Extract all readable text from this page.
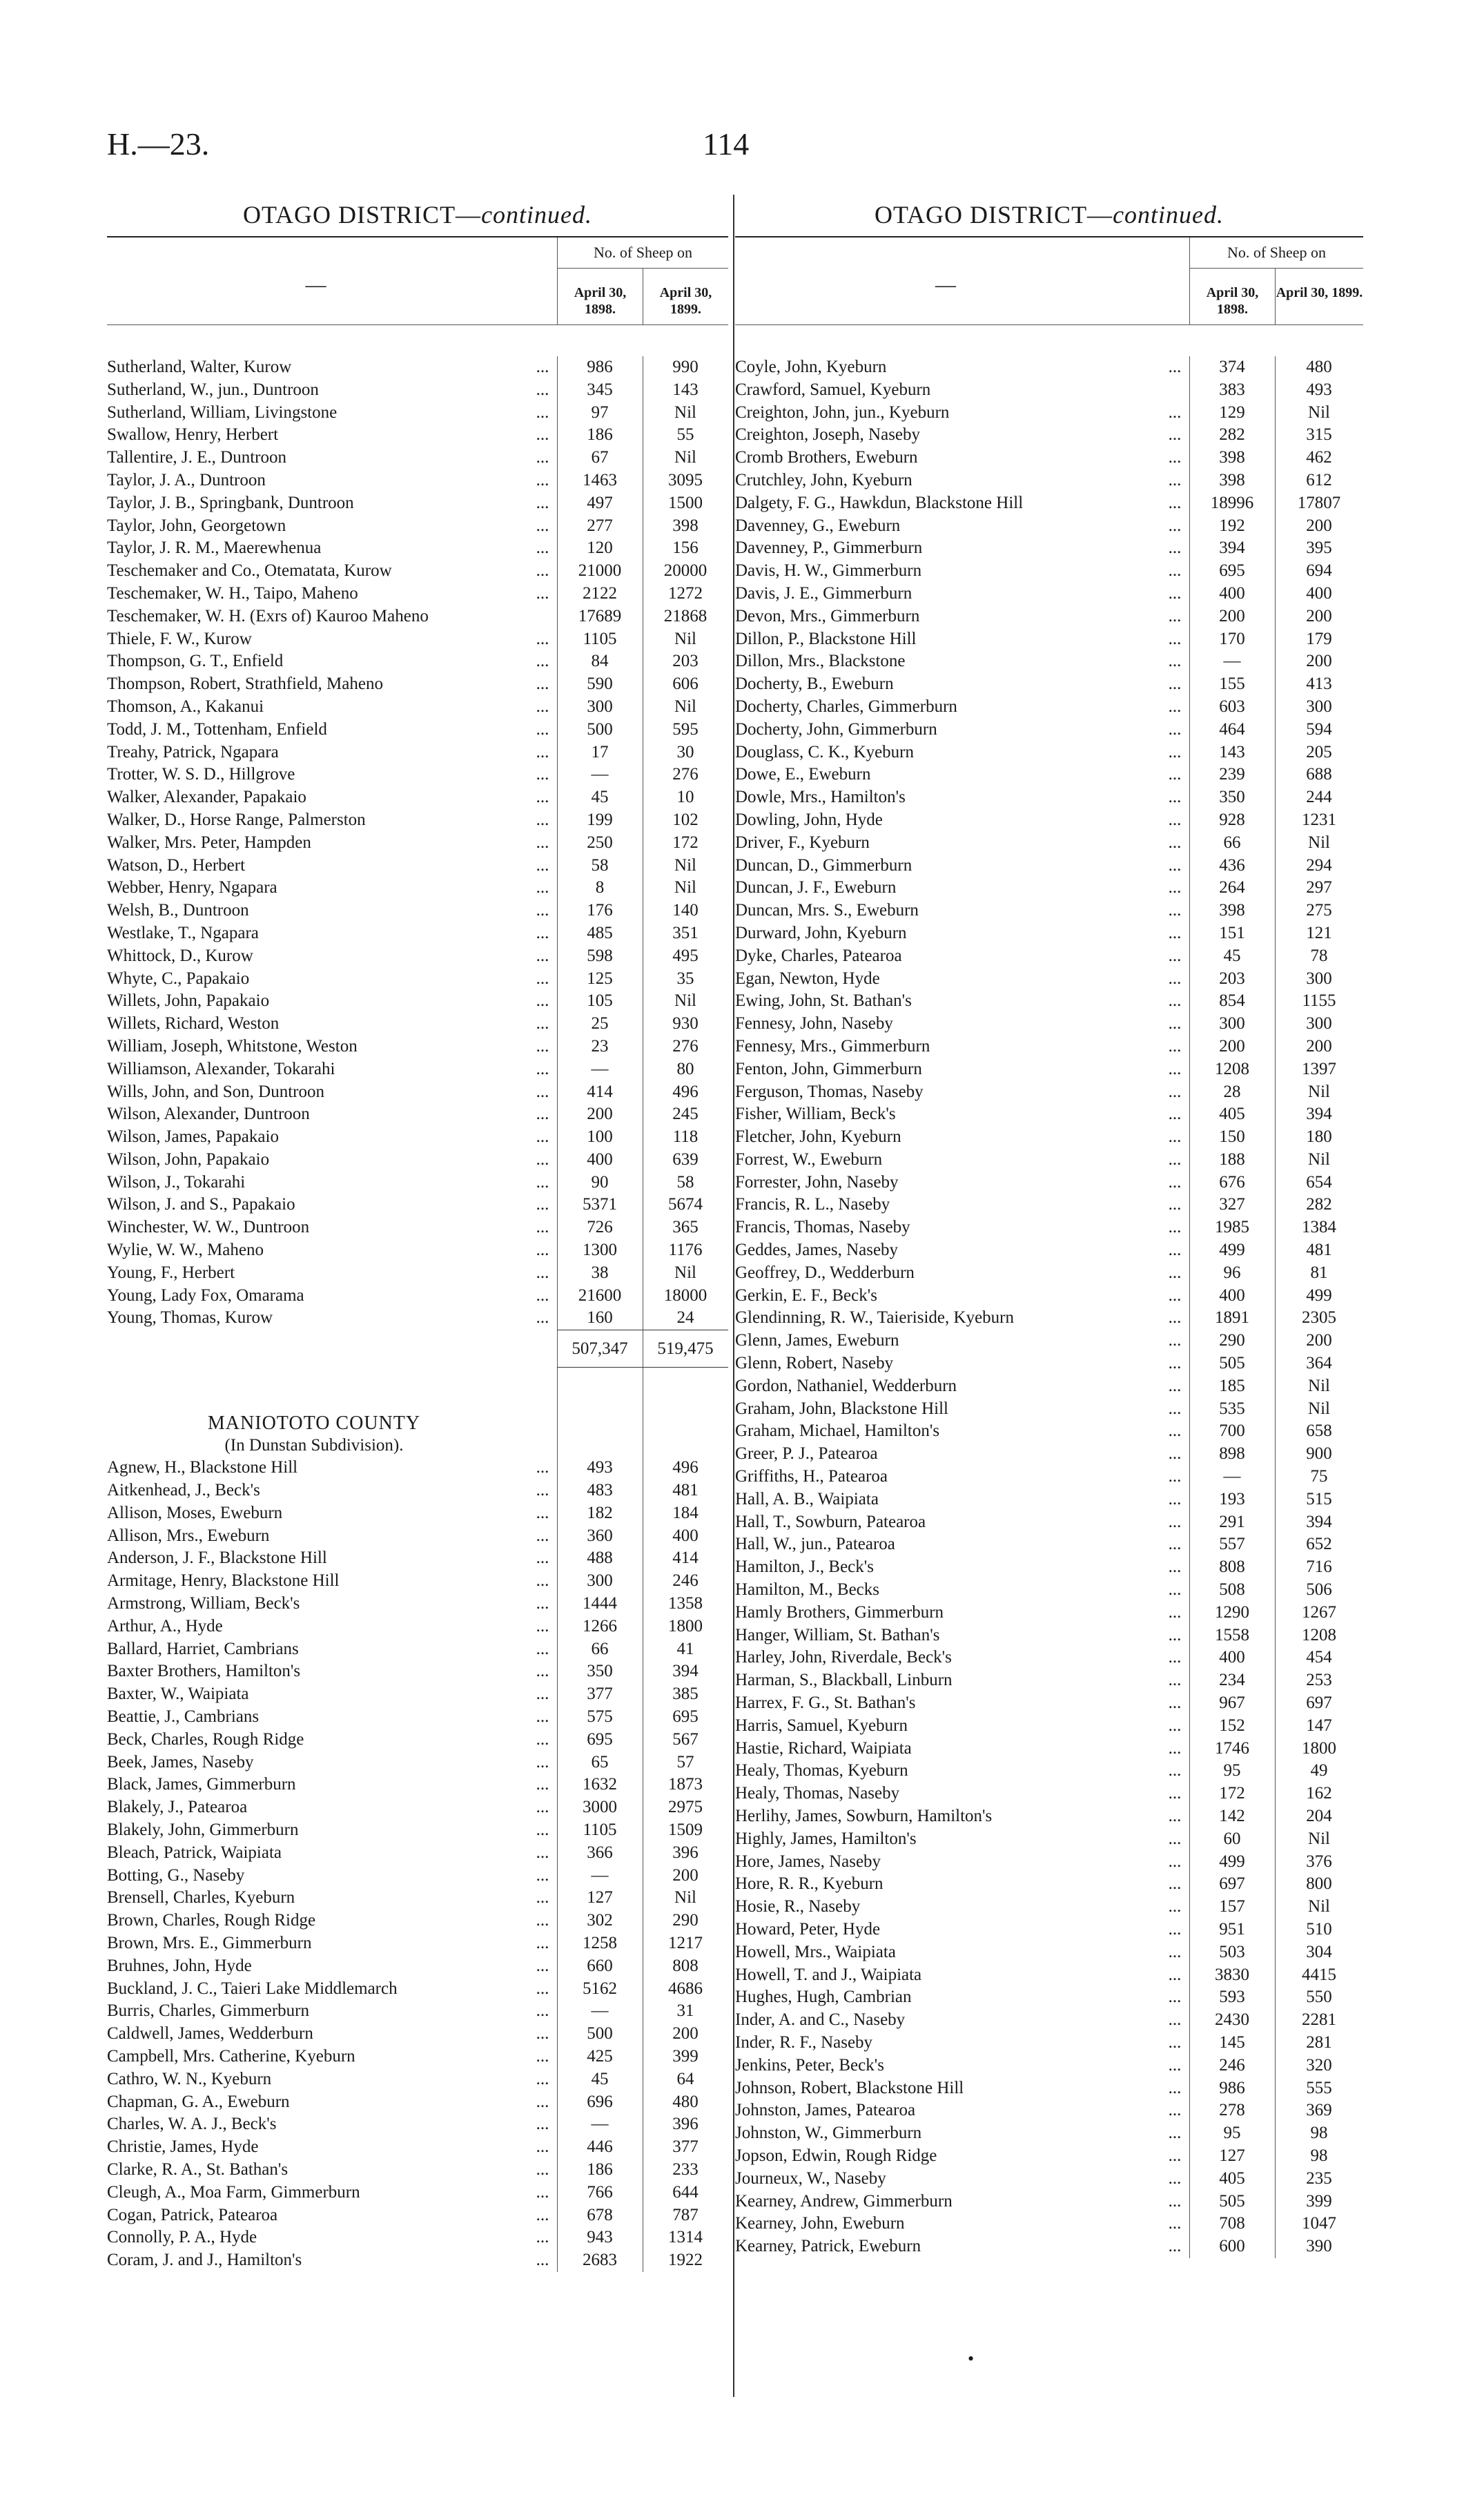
H.—23.	114
OTAGO DISTRICT—continued.
—
No. of Sheep on
April 30, 1898.
April 30, 1899.
Sutherland, Walter, Kurow	...	986	990
Sutherland, W., jun., Duntroon	...	345	143
Sutherland, William, Livingstone	...	97	Nil
Swallow, Henry, Herbert	...	186	55
Tallentire, J. E., Duntroon	...	67	Nil
Taylor, J. A., Duntroon	...	1463	3095
Taylor, J. B., Springbank, Duntroon	...	497	1500
Taylor, John, Georgetown	...	277	398
Taylor, J. R. M., Maerewhenua	...	120	156
Teschemaker and Co., Otematata, Kurow	...	21000	20000
Teschemaker, W. H., Taipo, Maheno	...	2122	1272
Teschemaker, W. H. (Exrs of) Kauroo Maheno	17689	21868
Thiele, F. W., Kurow	...	1105	Nil
Thompson, G. T., Enfield	...	84	203
Thompson, Robert, Strathfield, Maheno	...	590	606
Thomson, A., Kakanui	...	300	Nil
Todd, J. M., Tottenham, Enfield	...	500	595
Treahy, Patrick, Ngapara	...	17	30
Trotter, W. S. D., Hillgrove	...	—	276
Walker, Alexander, Papakaio	...	45	10
Walker, D., Horse Range, Palmerston	...	199	102
Walker, Mrs. Peter, Hampden	...	250	172
Watson, D., Herbert	...	58	Nil
Webber, Henry, Ngapara	...	8	Nil
Welsh, B., Duntroon	...	176	140
Westlake, T., Ngapara	...	485	351
Whittock, D., Kurow	...	598	495
Whyte, C., Papakaio	...	125	35
Willets, John, Papakaio	...	105	Nil
Willets, Richard, Weston	...	25	930
William, Joseph, Whitstone, Weston	...	23	276
Williamson, Alexander, Tokarahi	...	—	80
Wills, John, and Son, Duntroon	...	414	496
Wilson, Alexander, Duntroon	...	200	245
Wilson, James, Papakaio	...	100	118
Wilson, John, Papakaio	...	400	639
Wilson, J., Tokarahi	...	90	58
Wilson, J. and S., Papakaio	...	5371	5674
Winchester, W. W., Duntroon	...	726	365
Wylie, W. W., Maheno	...	1300	1176
Young, F., Herbert	...	38	Nil
Young, Lady Fox, Omarama	...	21600	18000
Young, Thomas, Kurow	...	160	24
507,347	519,475
MANIOTOTO COUNTY
(In Dunstan Subdivision).
Agnew, H., Blackstone Hill	...	493	496
Aitkenhead, J., Beck's	...	483	481
Allison, Moses, Eweburn	...	182	184
Allison, Mrs., Eweburn	...	360	400
Anderson, J. F., Blackstone Hill	...	488	414
Armitage, Henry, Blackstone Hill	...	300	246
Armstrong, William, Beck's	...	1444	1358
Arthur, A., Hyde	...	1266	1800
Ballard, Harriet, Cambrians	...	66	41
Baxter Brothers, Hamilton's	...	350	394
Baxter, W., Waipiata	...	377	385
Beattie, J., Cambrians	...	575	695
Beck, Charles, Rough Ridge	...	695	567
Beek, James, Naseby	...	65	57
Black, James, Gimmerburn	...	1632	1873
Blakely, J., Patearoa	...	3000	2975
Blakely, John, Gimmerburn	...	1105	1509
Bleach, Patrick, Waipiata	...	366	396
Botting, G., Naseby	...	—	200
Brensell, Charles, Kyeburn	...	127	Nil
Brown, Charles, Rough Ridge	...	302	290
Brown, Mrs. E., Gimmerburn	...	1258	1217
Bruhnes, John, Hyde	...	660	808
Buckland, J. C., Taieri Lake Middlemarch	...	5162	4686
Burris, Charles, Gimmerburn	...	—	31
Caldwell, James, Wedderburn	...	500	200
Campbell, Mrs. Catherine, Kyeburn	...	425	399
Cathro, W. N., Kyeburn	...	45	64
Chapman, G. A., Eweburn	...	696	480
Charles, W. A. J., Beck's	...	—	396
Christie, James, Hyde	...	446	377
Clarke, R. A., St. Bathan's	...	186	233
Cleugh, A., Moa Farm, Gimmerburn	...	766	644
Cogan, Patrick, Patearoa	...	678	787
Connolly, P. A., Hyde	...	943	1314
Coram, J. and J., Hamilton's	...	2683	1922
OTAGO DISTRICT—continued.
—
No. of Sheep on
April 30, 1898.
April 30, 1899.
Coyle, John, Kyeburn	...	374	480
Crawford, Samuel, Kyeburn	383	493
Creighton, John, jun., Kyeburn	...	129	Nil
Creighton, Joseph, Naseby	...	282	315
Cromb Brothers, Eweburn	...	398	462
Crutchley, John, Kyeburn	...	398	612
Dalgety, F. G., Hawkdun, Blackstone Hill	...	18996	17807
Davenney, G., Eweburn	...	192	200
Davenney, P., Gimmerburn	...	394	395
Davis, H. W., Gimmerburn	...	695	694
Davis, J. E., Gimmerburn	...	400	400
Devon, Mrs., Gimmerburn	...	200	200
Dillon, P., Blackstone Hill	...	170	179
Dillon, Mrs., Blackstone	...	—	200
Docherty, B., Eweburn	...	155	413
Docherty, Charles, Gimmerburn	...	603	300
Docherty, John, Gimmerburn	...	464	594
Douglass, C. K., Kyeburn	...	143	205
Dowe, E., Eweburn	...	239	688
Dowle, Mrs., Hamilton's	...	350	244
Dowling, John, Hyde	...	928	1231
Driver, F., Kyeburn	...	66	Nil
Duncan, D., Gimmerburn	...	436	294
Duncan, J. F., Eweburn	...	264	297
Duncan, Mrs. S., Eweburn	...	398	275
Durward, John, Kyeburn	...	151	121
Dyke, Charles, Patearoa	...	45	78
Egan, Newton, Hyde	...	203	300
Ewing, John, St. Bathan's	...	854	1155
Fennesy, John, Naseby	...	300	300
Fennesy, Mrs., Gimmerburn	...	200	200
Fenton, John, Gimmerburn	...	1208	1397
Ferguson, Thomas, Naseby	...	28	Nil
Fisher, William, Beck's	...	405	394
Fletcher, John, Kyeburn	...	150	180
Forrest, W., Eweburn	...	188	Nil
Forrester, John, Naseby	...	676	654
Francis, R. L., Naseby	...	327	282
Francis, Thomas, Naseby	...	1985	1384
Geddes, James, Naseby	...	499	481
Geoffrey, D., Wedderburn	...	96	81
Gerkin, E. F., Beck's	...	400	499
Glendinning, R. W., Taieriside, Kyeburn	...	1891	2305
Glenn, James, Eweburn	...	290	200
Glenn, Robert, Naseby	...	505	364
Gordon, Nathaniel, Wedderburn	...	185	Nil
Graham, John, Blackstone Hill	...	535	Nil
Graham, Michael, Hamilton's	...	700	658
Greer, P. J., Patearoa	...	898	900
Griffiths, H., Patearoa	...	—	75
Hall, A. B., Waipiata	...	193	515
Hall, T., Sowburn, Patearoa	...	291	394
Hall, W., jun., Patearoa	...	557	652
Hamilton, J., Beck's	...	808	716
Hamilton, M., Becks	...	508	506
Hamly Brothers, Gimmerburn	...	1290	1267
Hanger, William, St. Bathan's	...	1558	1208
Harley, John, Riverdale, Beck's	...	400	454
Harman, S., Blackball, Linburn	...	234	253
Harrex, F. G., St. Bathan's	...	967	697
Harris, Samuel, Kyeburn	...	152	147
Hastie, Richard, Waipiata	...	1746	1800
Healy, Thomas, Kyeburn	...	95	49
Healy, Thomas, Naseby	...	172	162
Herlihy, James, Sowburn, Hamilton's	...	142	204
Highly, James, Hamilton's	...	60	Nil
Hore, James, Naseby	...	499	376
Hore, R. R., Kyeburn	...	697	800
Hosie, R., Naseby	...	157	Nil
Howard, Peter, Hyde	...	951	510
Howell, Mrs., Waipiata	...	503	304
Howell, T. and J., Waipiata	...	3830	4415
Hughes, Hugh, Cambrian	...	593	550
Inder, A. and C., Naseby	...	2430	2281
Inder, R. F., Naseby	...	145	281
Jenkins, Peter, Beck's	...	246	320
Johnson, Robert, Blackstone Hill	...	986	555
Johnston, James, Patearoa	...	278	369
Johnston, W., Gimmerburn	...	95	98
Jopson, Edwin, Rough Ridge	...	127	98
Journeux, W., Naseby	...	405	235
Kearney, Andrew, Gimmerburn	...	505	399
Kearney, John, Eweburn	...	708	1047
Kearney, Patrick, Eweburn	...	600	390
•
